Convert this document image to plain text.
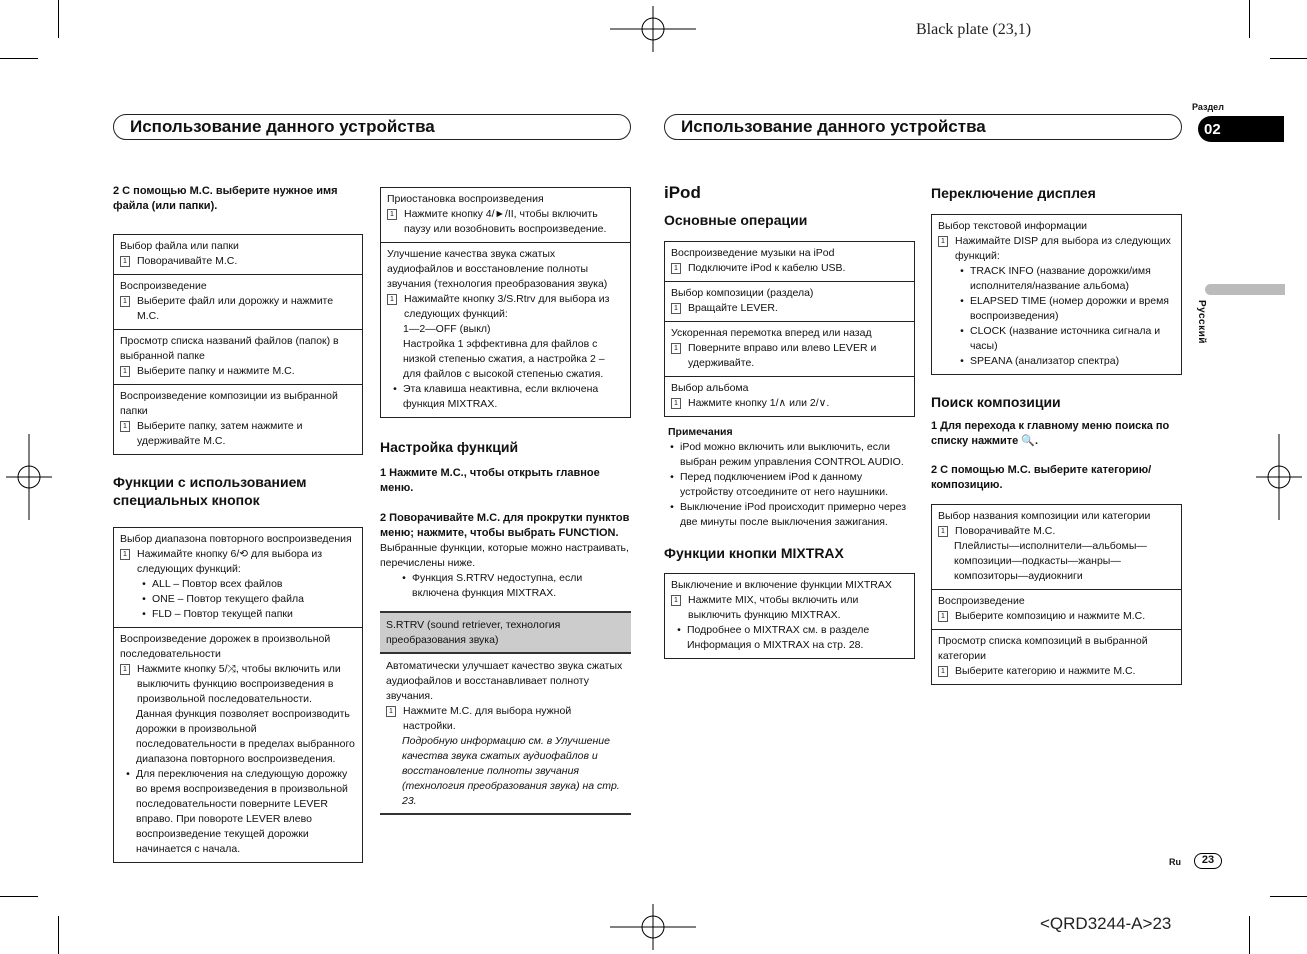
Black plate (23,1)
<QRD3244-A>23
Раздел
02
Русский
Использование данного устройства	Использование данного устройства
2 С помощью M.C. выберите нужное имя файла (или папки).
Выбор файла или папки
1 Поворачивайте M.C.
Воспроизведение
1 Выберите файл или дорожку и нажмите M.C.
Просмотр списка названий файлов (папок) в выбранной папке
1 Выберите папку и нажмите M.C.
Воспроизведение композиции из выбранной папки
1 Выберите папку, затем нажмите и удерживайте M.C.
Функции с использованием специальных кнопок
Выбор диапазона повторного воспроизведения
1 Нажимайте кнопку 6/⟲ для выбора из следующих функций:
• ALL – Повтор всех файлов
• ONE – Повтор текущего файла
• FLD – Повтор текущей папки
Воспроизведение дорожек в произвольной последовательности
1 Нажмите кнопку 5/⤨, чтобы включить или выключить функцию воспроизведения в произвольной последовательности.
Данная функция позволяет воспроизводить дорожки в произвольной последовательности в пределах выбранного диапазона повторного воспроизведения.
• Для переключения на следующую дорожку во время воспроизведения в произвольной последовательности поверните LEVER вправо. При повороте LEVER влево воспроизведение текущей дорожки начинается с начала.
Приостановка воспроизведения
1 Нажмите кнопку 4/►/II, чтобы включить паузу или возобновить воспроизведение.
Улучшение качества звука сжатых аудиофайлов и восстановление полноты звучания (технология преобразования звука)
1 Нажимайте кнопку 3/S.Rtrv для выбора из следующих функций:
1—2—OFF (выкл)
Настройка 1 эффективна для файлов с низкой степенью сжатия, а настройка 2 – для файлов с высокой степенью сжатия.
• Эта клавиша неактивна, если включена функция MIXTRAX.
Настройка функций
1 Нажмите M.C., чтобы открыть главное меню.
2 Поворачивайте M.C. для прокрутки пунктов меню; нажмите, чтобы выбрать FUNCTION.
Выбранные функции, которые можно настраивать, перечислены ниже.
• Функция S.RTRV недоступна, если включена функция MIXTRAX.
S.RTRV (sound retriever, технология преобразования звука)
Автоматически улучшает качество звука сжатых аудиофайлов и восстанавливает полноту звучания.
1 Нажмите M.C. для выбора нужной настройки.
Подробную информацию см. в Улучшение качества звука сжатых аудиофайлов и восстановление полноты звучания (технология преобразования звука) на стр. 23.
iPod
Основные операции
Воспроизведение музыки на iPod
1 Подключите iPod к кабелю USB.
Выбор композиции (раздела)
1 Вращайте LEVER.
Ускоренная перемотка вперед или назад
1 Поверните вправо или влево LEVER и удерживайте.
Выбор альбома
1 Нажмите кнопку 1/∧ или 2/∨.
Примечания
• iPod можно включить или выключить, если выбран режим управления CONTROL AUDIO.
• Перед подключением iPod к данному устройству отсоедините от него наушники.
• Выключение iPod происходит примерно через две минуты после выключения зажигания.
Функции кнопки MIXTRAX
Выключение и включение функции MIXTRAX
1 Нажмите MIX, чтобы включить или выключить функцию MIXTRAX.
• Подробнее о MIXTRAX см. в разделе Информация о MIXTRAX на стр. 28.
Переключение дисплея
Выбор текстовой информации
1 Нажимайте DISP для выбора из следующих функций:
• TRACK INFO (название дорожки/имя исполнителя/название альбома)
• ELAPSED TIME (номер дорожки и время воспроизведения)
• CLOCK (название источника сигнала и часы)
• SPEANA (анализатор спектра)
Поиск композиции
1 Для перехода к главному меню поиска по списку нажмите 🔍.
2 С помощью M.C. выберите категорию/композицию.
Выбор названия композиции или категории
1 Поворачивайте M.C.
Плейлисты—исполнители—альбомы—композиции—подкасты—жанры—композиторы—аудиокниги
Воспроизведение
1 Выберите композицию и нажмите M.C.
Просмотр списка композиций в выбранной категории
1 Выберите категорию и нажмите M.C.
Ru	23
